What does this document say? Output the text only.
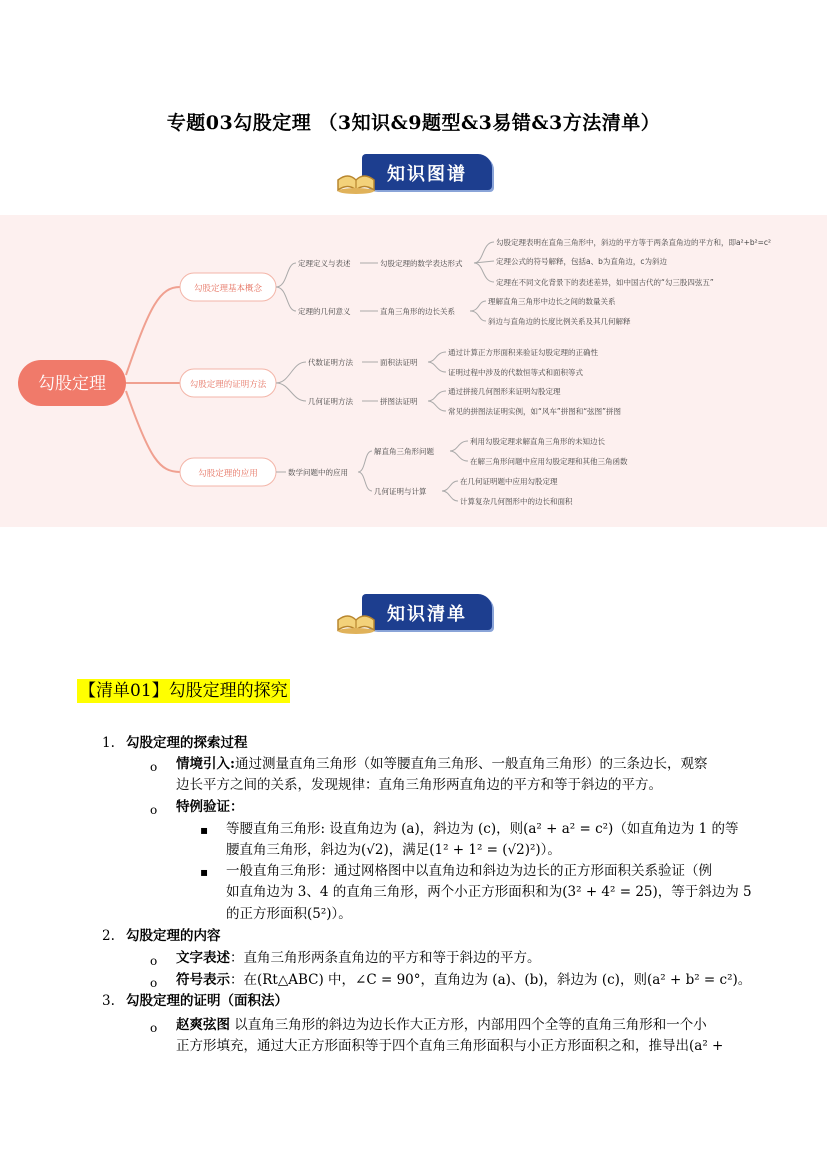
专题03勾股定理 （3知识&9题型&3易错&3方法清单）
知识图谱
勾股定理
勾股定理基本概念
勾股定理的证明方法
勾股定理的应用
定理定义与表述	勾股定理的数学表达形式
勾股定理表明在直角三角形中，斜边的平方等于两条直角边的平方和，即a²+b²=c²
定理公式的符号解释，包括a、b为直角边，c为斜边
定理在不同文化背景下的表述差异，如中国古代的“勾三股四弦五”
定理的几何意义	直角三角形的边长关系
理解直角三角形中边长之间的数量关系
斜边与直角边的长度比例关系及其几何解释
代数证明方法	面积法证明
通过计算正方形面积来验证勾股定理的正确性
证明过程中涉及的代数恒等式和面积等式
几何证明方法	拼图法证明
通过拼接几何图形来证明勾股定理
常见的拼图法证明实例，如“风车”拼图和“弦图”拼图
数学问题中的应用
解直角三角形问题
利用勾股定理求解直角三角形的未知边长
在解三角形问题中应用勾股定理和其他三角函数
几何证明与计算
在几何证明题中应用勾股定理
计算复杂几何图形中的边长和面积
知识清单
【清单01】勾股定理的探究
1. 勾股定理的探索过程
o 情境引入:通过测量直角三角形（如等腰直角三角形、一般直角三角形）的三条边长，观察
边长平方之间的关系，发现规律：直角三角形两直角边的平方和等于斜边的平方。
o 特例验证：
▪ 等腰直角三角形: 设直角边为 (a)，斜边为 (c)，则(a² + a² = c²)（如直角边为 1 的等
腰直角三角形，斜边为(√2)，满足(1² + 1² = (√2)²)）。
▪ 一般直角三角形：通过网格图中以直角边和斜边为边长的正方形面积关系验证（例
如直角边为 3、4 的直角三角形，两个小正方形面积和为(3² + 4² = 25)，等于斜边为 5
的正方形面积(5²)）。
2. 勾股定理的内容
o 文字表述：直角三角形两条直角边的平方和等于斜边的平方。
o 符号表示：在(Rt△ABC) 中，∠C = 90°，直角边为 (a)、(b)，斜边为 (c)，则(a² + b² = c²)。
3. 勾股定理的证明（面积法）
o 赵爽弦图 以直角三角形的斜边为边长作大正方形，内部用四个全等的直角三角形和一个小
正方形填充，通过大正方形面积等于四个直角三角形面积与小正方形面积之和，推导出(a² +
